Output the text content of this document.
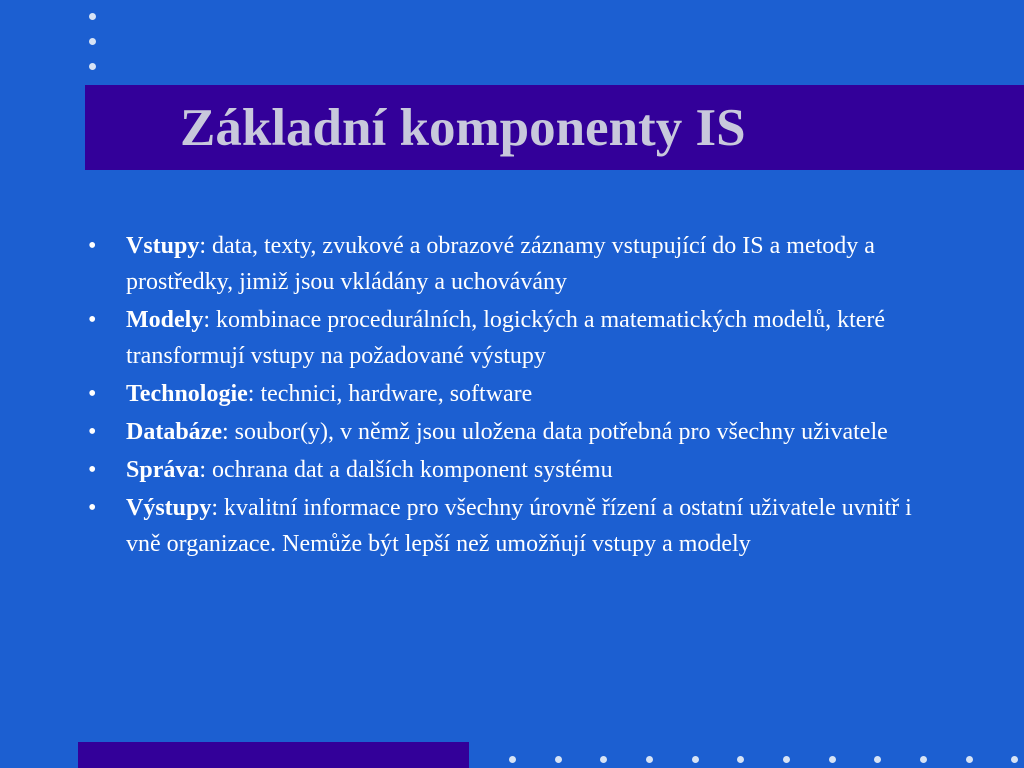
Základní komponenty IS
• Vstupy: data, texty, zvukové a obrazové záznamy vstupující do IS a metody a prostředky, jimiž jsou vkládány a uchovávány
• Modely: kombinace procedurálních, logických a matematických modelů, které transformují vstupy na požadované výstupy
• Technologie: technici, hardware, software
• Databáze: soubor(y), v němž jsou uložena data potřebná pro všechny uživatele
• Správa: ochrana dat a dalších komponent systému
• Výstupy: kvalitní informace pro všechny úrovně řízení a ostatní uživatele uvnitř i vně organizace. Nemůže být lepší než umožňují vstupy a modely
